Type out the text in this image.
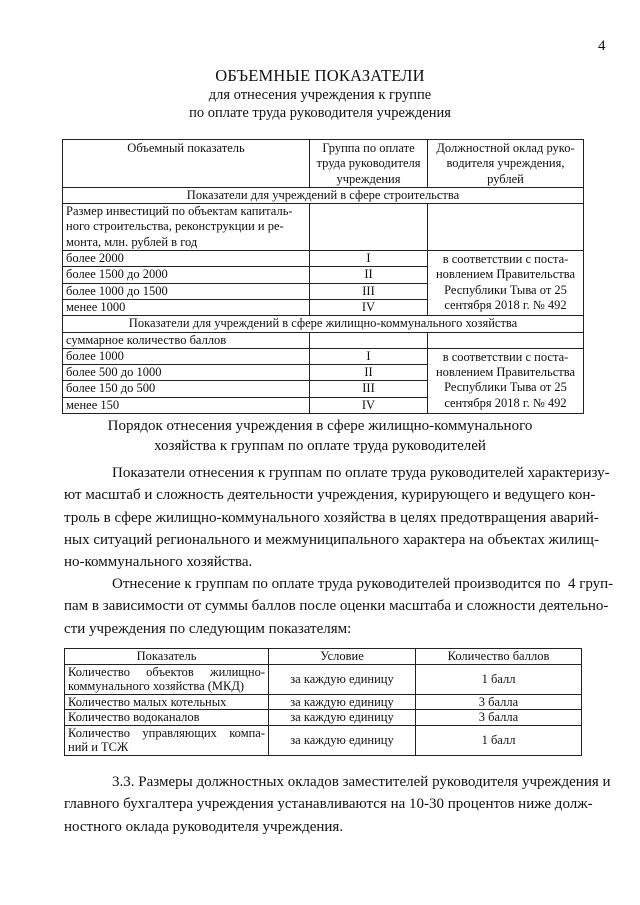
4
ОБЪЕМНЫЕ ПОКАЗАТЕЛИ
для отнесения учреждения к группе
по оплате труда руководителя учреждения
Объемный показатель	Группа по оплате
труда руководителя
учреждения	Должностной оклад руко-
водителя учреждения,
рублей
Показатели для учреждений в сфере строительства		
Размер инвестиций по объектам капиталь-
ного строительства, реконструкции и ре-
монта, млн. рублей в год		
более 2000	I	в соответствии с поста-
новлением Правительства
Республики Тыва от 25
сентября 2018 г. № 492
более 1500 до 2000	II	
более 1000 до 1500	III	
менее 1000	IV	
Показатели для учреждений в сфере жилищно-коммунального хозяйства		
суммарное количество баллов		
более 1000	I	в соответствии с поста-
новлением Правительства
Республики Тыва от 25
сентября 2018 г. № 492
более 500 до 1000	II	
более 150 до 500	III	
менее 150	IV	
Порядок отнесения учреждения в сфере жилищно-коммунального
хозяйства к группам по оплате труда руководителей
Показатели отнесения к группам по оплате труда руководителей характеризу-
ют масштаб и сложность деятельности учреждения, курирующего и ведущего кон-
троль в сфере жилищно-коммунального хозяйства в целях предотвращения аварий-
ных ситуаций регионального и межмуниципального характера на объектах жилищ-
но-коммунального хозяйства.
Отнесение к группам по оплате труда руководителей производится по  4 груп-
пам в зависимости от суммы баллов после оценки масштаба и сложности деятельно-
сти учреждения по следующим показателям:
Показатель	Условие	Количество баллов

Количество объектов жилищно-
коммунального хозяйства (МКД)	за каждую единицу	1 балл
Количество малых котельных	за каждую единицу	3 балла
Количество водоканалов	за каждую единицу	3 балла

Количество управляющих компа-
ний и ТСЖ	за каждую единицу	1 балл
3.3. Размеры должностных окладов заместителей руководителя учреждения и
главного бухгалтера учреждения устанавливаются на 10-30 процентов ниже долж-
ностного оклада руководителя учреждения.
